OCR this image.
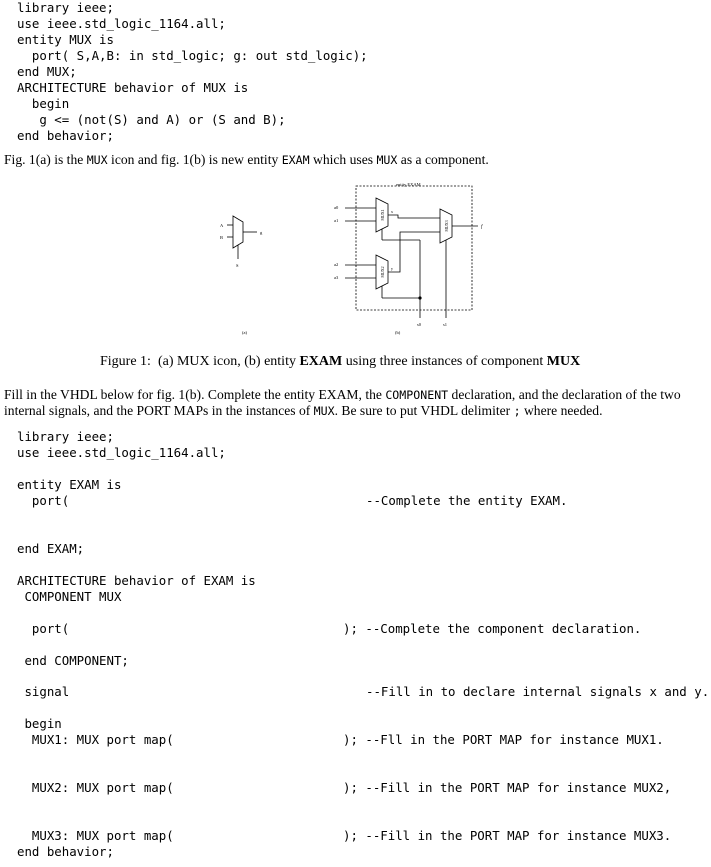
library ieee;
use ieee.std_logic_1164.all;
entity MUX is
port( S,A,B: in std_logic; g: out std_logic);
end MUX;
ARCHITECTURE behavior of MUX is
begin
g <= (not(S) and A) or (S and B);
end behavior;
Fig. 1(a) is the MUX icon and fig. 1(b) is new entity EXAM which uses MUX as a component.
A
B
g
S
(a)
entity EXAM
a0
a1
a2
a3
f
s0	s1
x
y
MUX1
MUX2
MUX3
(b)
Figure 1:  (a) MUX icon, (b) entity EXAM using three instances of component MUX
Fill in the VHDL below for fig. 1(b). Complete the entity EXAM, the COMPONENT declaration, and the declaration of the two
internal signals, and the PORT MAPs in the instances of MUX. Be sure to put VHDL delimiter ; where needed.
library ieee;
use ieee.std_logic_1164.all;
entity EXAM is
port(	--Complete the entity EXAM.
end EXAM;
ARCHITECTURE behavior of EXAM is
COMPONENT MUX
port(	); --Complete the component declaration.
end COMPONENT;
signal	--Fill in to declare internal signals x and y.
begin
MUX1: MUX port map(	); --Fll in the PORT MAP for instance MUX1.
MUX2: MUX port map(	); --Fill in the PORT MAP for instance MUX2,
MUX3: MUX port map(	); --Fill in the PORT MAP for instance MUX3.
end behavior;
